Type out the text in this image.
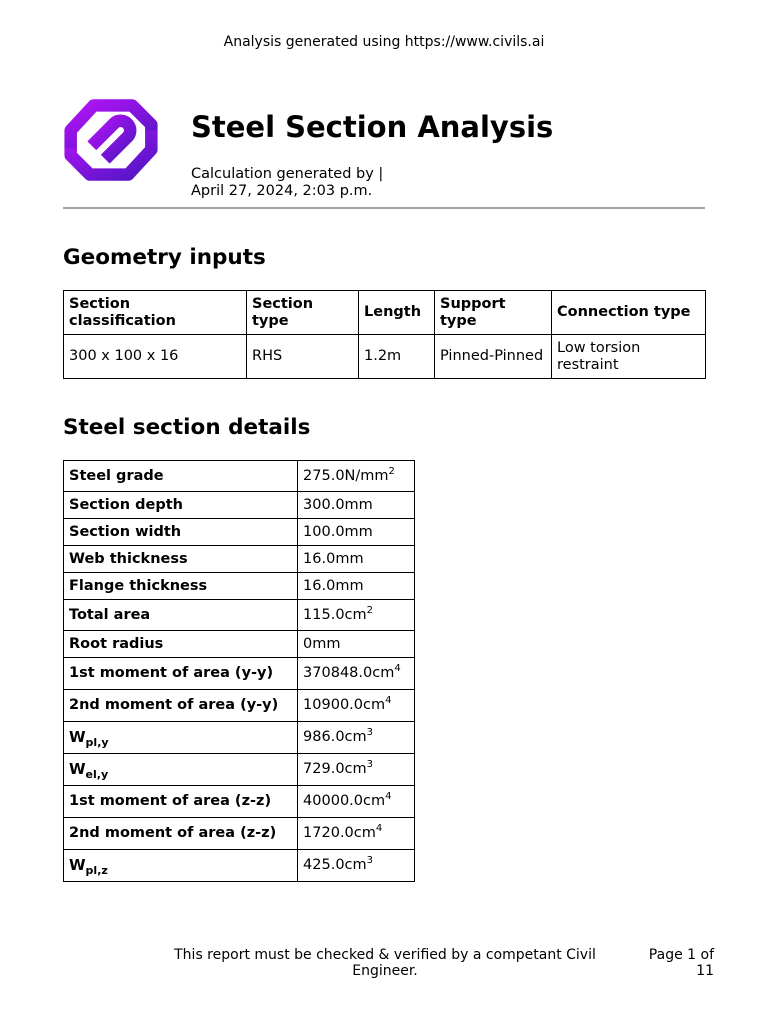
Analysis generated using https://www.civils.ai
Steel Section Analysis
Calculation generated by |
April 27, 2024, 2:03 p.m.
Geometry inputs
Section classification	Section type	Length	Support type	Connection type
300 x 100 x 16	RHS	1.2m	Pinned-Pinned	Low torsion restraint
Steel section details
Steel grade	$275.0N/mm^2$
Section depth	300.0mm
Section width	100.0mm
Web thickness	16.0mm
Flange thickness	16.0mm
Total area	$115.0cm^2$
Root radius	0mm
1st moment of area (y-y)	$370848.0cm^4$
2nd moment of area (y-y)	$10900.0cm^4$
$W_{pl,y}$	$986.0cm^3$
$W_{el,y}$	$729.0cm^3$
1st moment of area (z-z)	$40000.0cm^4$
2nd moment of area (z-z)	$1720.0cm^4$
$W_{pl,z}$	$425.0cm^3$
This report must be checked & verified by a competant Civil Engineer.
Page 1 of 11
